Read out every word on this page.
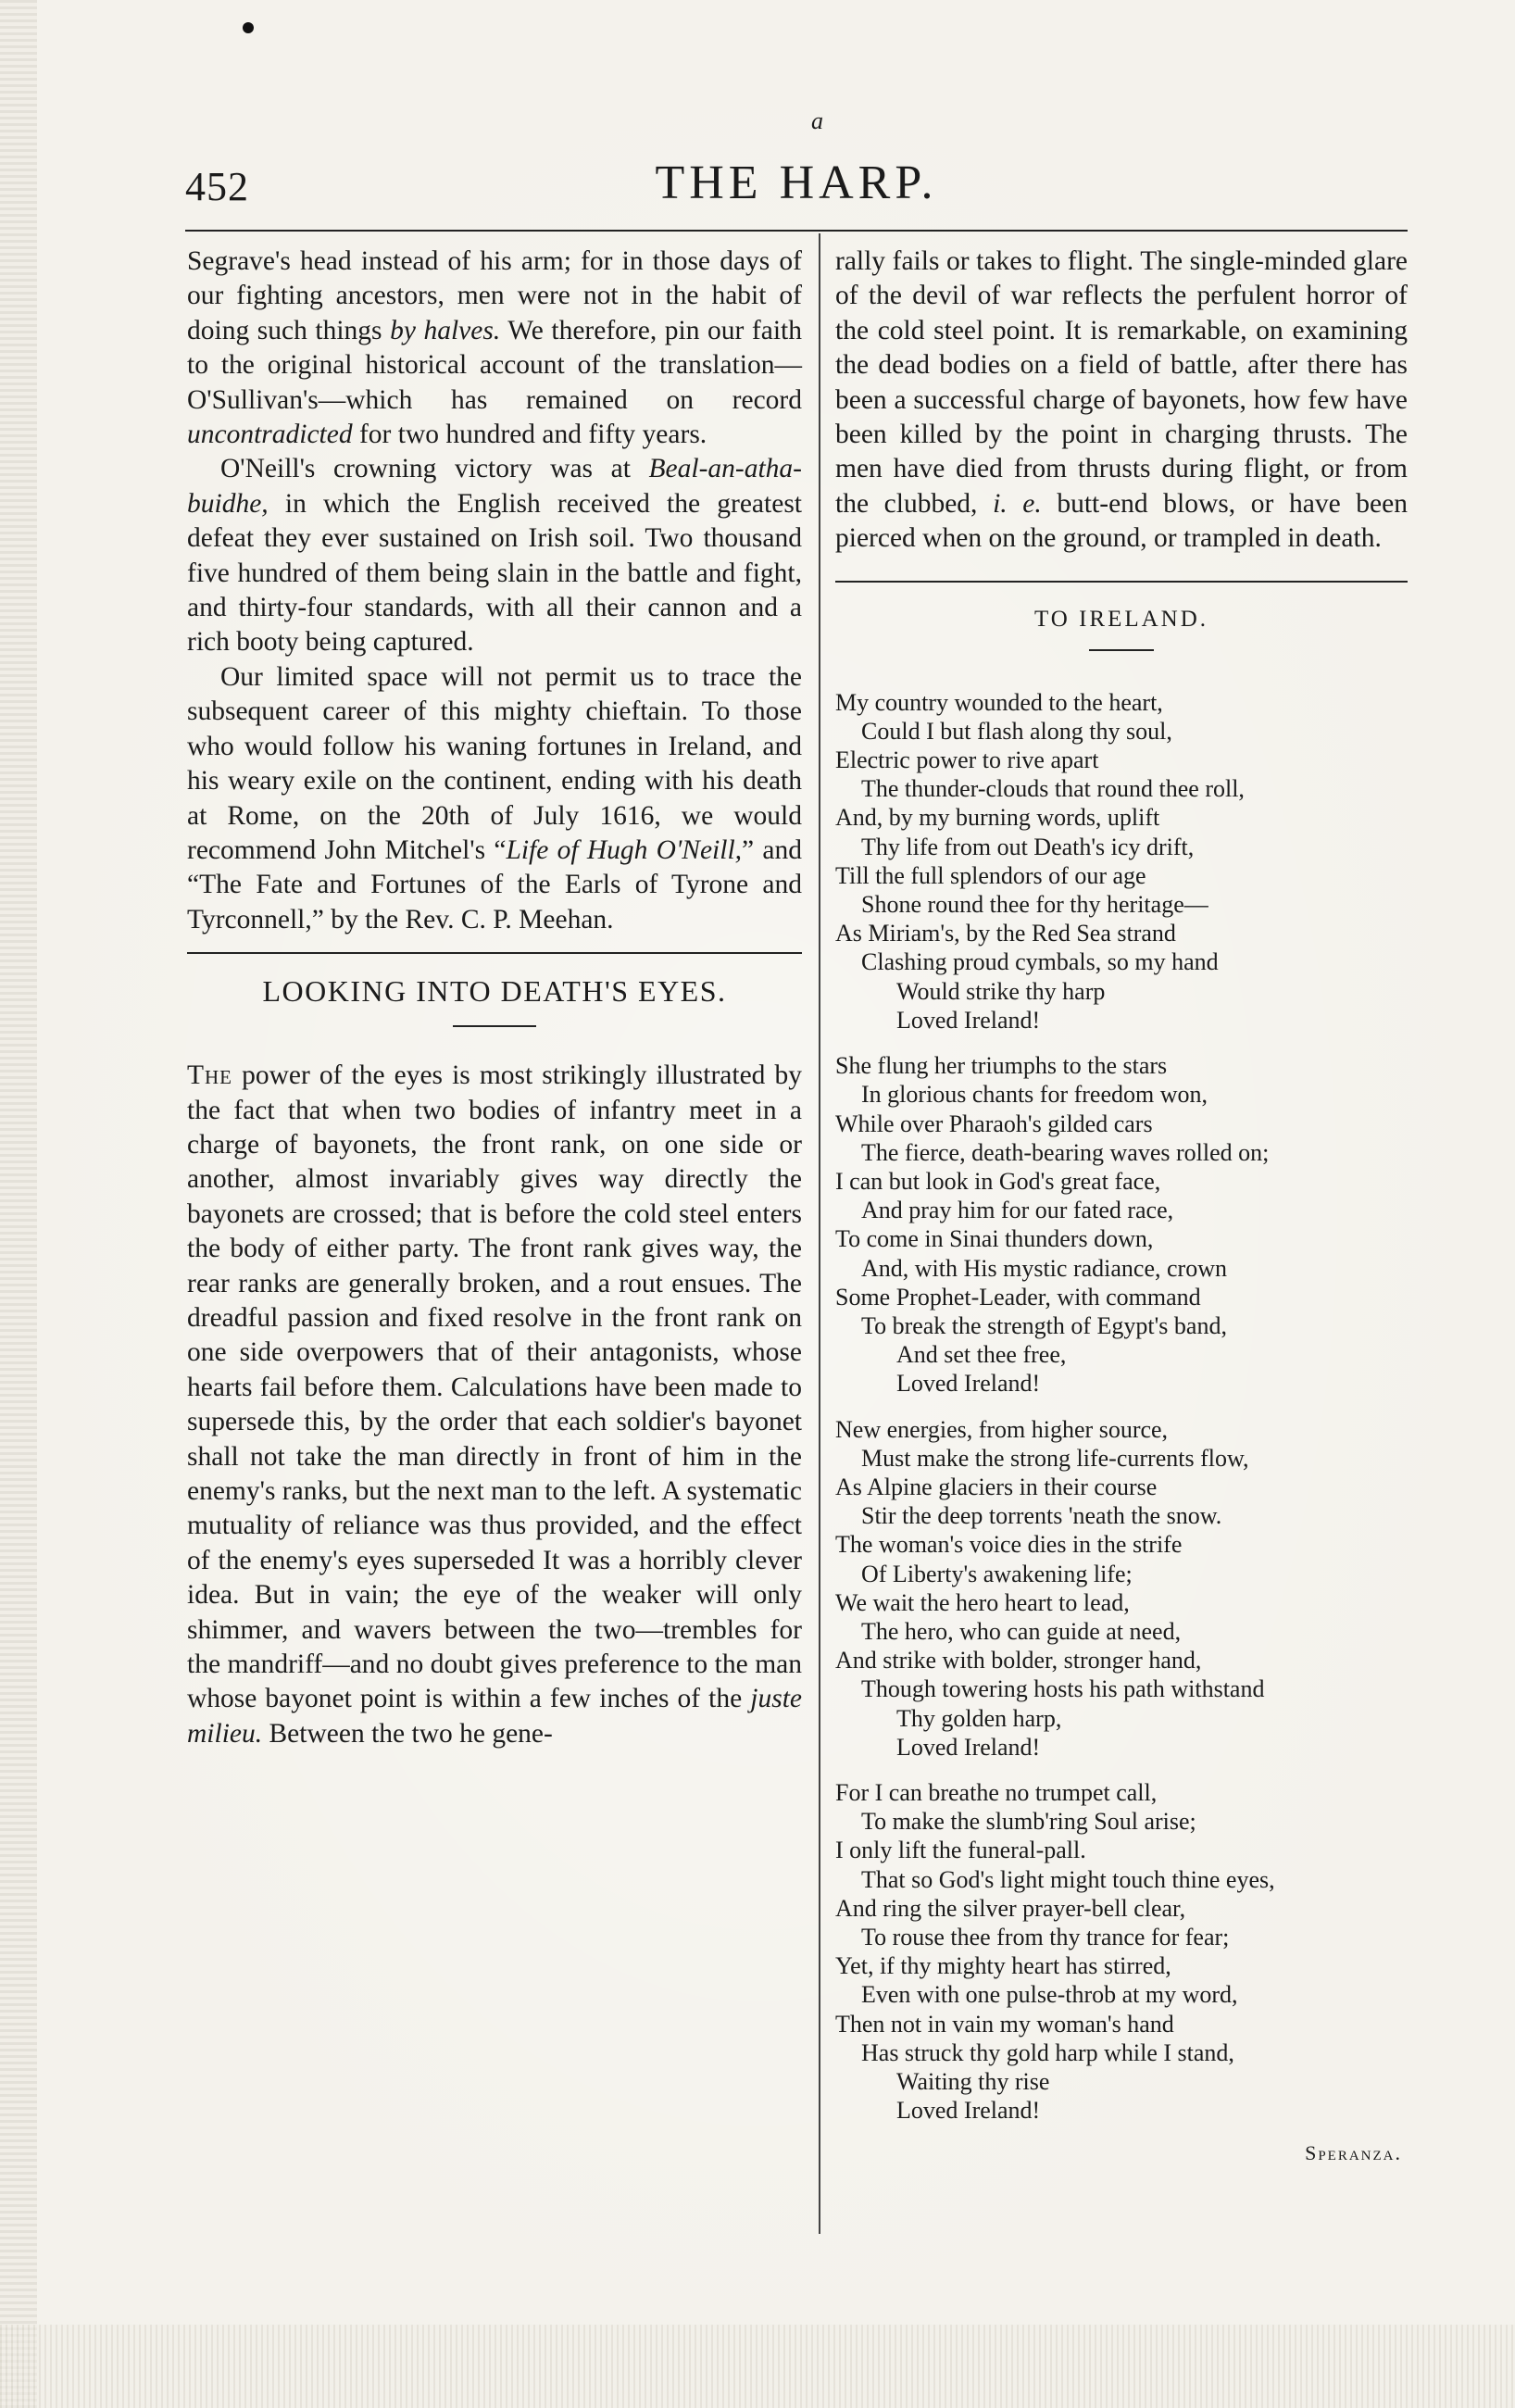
a
452	THE HARP.

Segrave's head instead of his arm; for in those days of our fighting ancestors, men were not in the habit of doing such things by halves. We therefore, pin our faith to the original historical account of the translation—O'Sullivan's—which has remained on record uncontradicted for two hundred and fifty years.

O'Neill's crowning victory was at Beal-an-atha-buidhe, in which the English received the greatest defeat they ever sustained on Irish soil. Two thousand five hundred of them being slain in the battle and fight, and thirty-four standards, with all their cannon and a rich booty being captured.

Our limited space will not permit us to trace the subsequent career of this mighty chieftain. To those who would follow his waning fortunes in Ireland, and his weary exile on the continent, ending with his death at Rome, on the 20th of July 1616, we would recommend John Mitchel's “Life of Hugh O'Neill,” and “The Fate and Fortunes of the Earls of Tyrone and Tyrconnell,” by the Rev. C. P. Meehan.

LOOKING INTO DEATH'S EYES.

The power of the eyes is most strikingly illustrated by the fact that when two bodies of infantry meet in a charge of bayonets, the front rank, on one side or another, almost invariably gives way directly the bayonets are crossed; that is before the cold steel enters the body of either party. The front rank gives way, the rear ranks are generally broken, and a rout ensues. The dreadful passion and fixed resolve in the front rank on one side overpowers that of their antagonists, whose hearts fail before them. Calculations have been made to supersede this, by the order that each soldier's bayonet shall not take the man directly in front of him in the enemy's ranks, but the next man to the left. A systematic mutuality of reliance was thus provided, and the effect of the enemy's eyes superseded It was a horribly clever idea. But in vain; the eye of the weaker will only shimmer, and wavers between the two—trembles for the mandriff—and no doubt gives preference to the man whose bayonet point is within a few inches of the juste milieu. Between the two he gene-

rally fails or takes to flight. The single-minded glare of the devil of war reflects the perfulent horror of the cold steel point. It is remarkable, on examining the dead bodies on a field of battle, after there has been a successful charge of bayonets, how few have been killed by the point in charging thrusts. The men have died from thrusts during flight, or from the clubbed, i. e. butt-end blows, or have been pierced when on the ground, or trampled in death.

TO IRELAND.
My country wounded to the heart,
Could I but flash along thy soul,
Electric power to rive apart
The thunder-clouds that round thee roll,
And, by my burning words, uplift
Thy life from out Death's icy drift,
Till the full splendors of our age
Shone round thee for thy heritage—
As Miriam's, by the Red Sea strand
Clashing proud cymbals, so my hand
Would strike thy harp
Loved Ireland!
She flung her triumphs to the stars
In glorious chants for freedom won,
While over Pharaoh's gilded cars
The fierce, death-bearing waves rolled on;
I can but look in God's great face,
And pray him for our fated race,
To come in Sinai thunders down,
And, with His mystic radiance, crown
Some Prophet-Leader, with command
To break the strength of Egypt's band,
And set thee free,
Loved Ireland!
New energies, from higher source,
Must make the strong life-currents flow,
As Alpine glaciers in their course
Stir the deep torrents 'neath the snow.
The woman's voice dies in the strife
Of Liberty's awakening life;
We wait the hero heart to lead,
The hero, who can guide at need,
And strike with bolder, stronger hand,
Though towering hosts his path withstand
Thy golden harp,
Loved Ireland!
For I can breathe no trumpet call,
To make the slumb'ring Soul arise;
I only lift the funeral-pall.
That so God's light might touch thine eyes,
And ring the silver prayer-bell clear,
To rouse thee from thy trance for fear;
Yet, if thy mighty heart has stirred,
Even with one pulse-throb at my word,
Then not in vain my woman's hand
Has struck thy gold harp while I stand,
Waiting thy rise
Loved Ireland!
Speranza.
